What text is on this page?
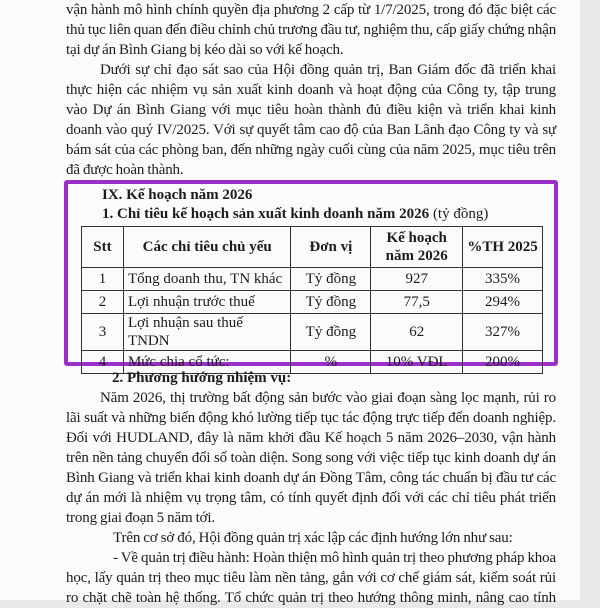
vận hành mô hình chính quyền địa phương 2 cấp từ 1/7/2025, trong đó đặc biệt các
thủ tục liên quan đến điều chỉnh chủ trương đầu tư, nghiệm thu, cấp giấy chứng nhận
tại dự án Bình Giang bị kéo dài so với kế hoạch.
Dưới sự chỉ đạo sát sao của Hội đồng quản trị, Ban Giám đốc đã triển khai
thực hiện các nhiệm vụ sản xuất kinh doanh và hoạt động của Công ty, tập trung
vào Dự án Bình Giang với mục tiêu hoàn thành đủ điều kiện và triển khai kinh
doanh vào quý IV/2025. Với sự quyết tâm cao độ của Ban Lãnh đạo Công ty và sự
bám sát của các phòng ban, đến những ngày cuối cùng của năm 2025, mục tiêu trên
đã được hoàn thành.
IX. Kế hoạch năm 2026
1. Chỉ tiêu kế hoạch sản xuất kinh doanh năm 2026 (tỷ đồng)
Stt	Các chỉ tiêu chủ yếu	Đơn vị	Kế hoạch năm 2026	%TH 2025
1	Tổng doanh thu, TN khác	Tỷ đồng	927	335%
2	Lợi nhuận trước thuế	Tỷ đồng	77,5	294%
3	Lợi nhuận sau thuế TNDN	Tỷ đồng	62	327%
4	Mức chia cổ tức:	%	10% VĐL	200%
2. Phương hướng nhiệm vụ:
Năm 2026, thị trường bất động sản bước vào giai đoạn sàng lọc mạnh, rủi ro
lãi suất và những biến động khó lường tiếp tục tác động trực tiếp đến doanh nghiệp.
Đối với HUDLAND, đây là năm khởi đầu Kế hoạch 5 năm 2026–2030, vận hành
trên nền tảng chuyển đổi số toàn diện. Song song với việc tiếp tục kinh doanh dự án
Bình Giang và triển khai kinh doanh dự án Đồng Tâm, công tác chuẩn bị đầu tư các
dự án mới là nhiệm vụ trọng tâm, có tính quyết định đối với các chỉ tiêu phát triển
trong giai đoạn 5 năm tới.
Trên cơ sở đó, Hội đồng quản trị xác lập các định hướng lớn như sau:
- Về quản trị điều hành: Hoàn thiện mô hình quản trị theo phương pháp khoa
học, lấy quản trị theo mục tiêu làm nền tảng, gắn với cơ chế giám sát, kiểm soát rủi
ro chặt chẽ toàn hệ thống. Tổ chức quản trị theo hướng thông minh, nâng cao tính
